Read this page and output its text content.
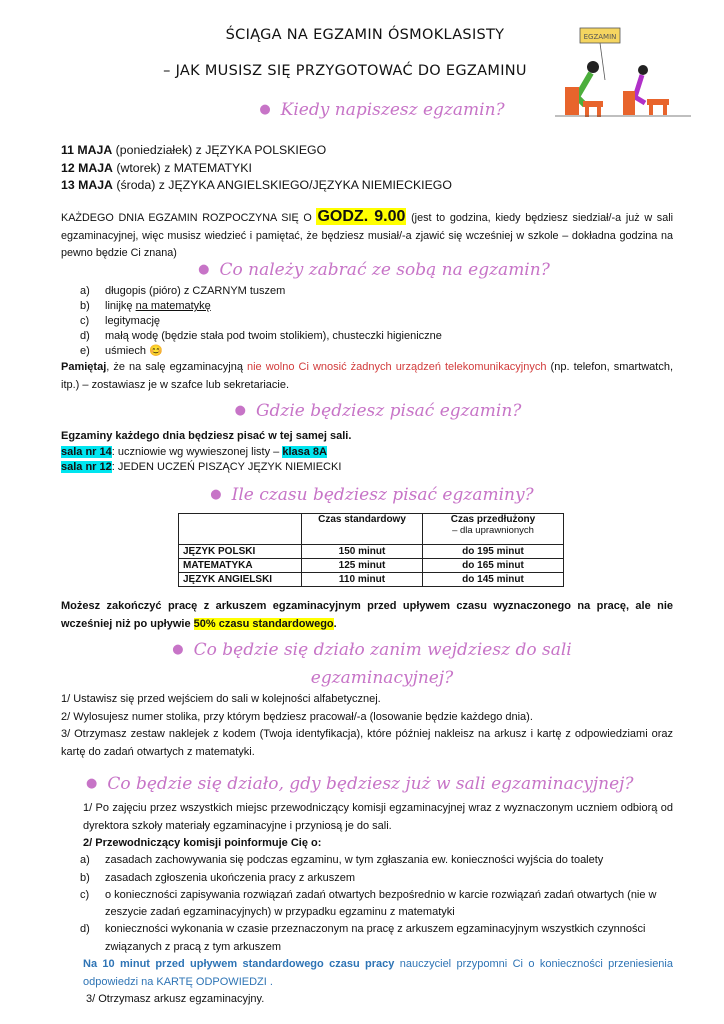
ŚCIĄGA NA EGZAMIN ÓSMOKLASISTY
– JAK MUSISZ SIĘ PRZYGOTOWAĆ DO EGZAMINU
EGZAMIN
● Kiedy napiszesz egzamin?
11 MAJA (poniedziałek) z JĘZYKA POLSKIEGO
12 MAJA (wtorek) z MATEMATYKI
13 MAJA (środa) z JĘZYKA ANGIELSKIEGO/JĘZYKA NIEMIECKIEGO
KAŻDEGO DNIA EGZAMIN ROZPOCZYNA SIĘ O GODZ. 9.00 (jest to godzina, kiedy będziesz siedział/-a już w sali egzaminacyjnej, więc musisz wiedzieć i pamiętać, że będziesz musiał/-a zjawić się wcześniej w szkole – dokładna godzina na pewno będzie Ci znana)
● Co należy zabrać ze sobą na egzamin?
a)	długopis (pióro) z CZARNYM tuszem
b)	linijkę
na matematykę
c)	legitymację
d)	małą wodę (będzie stała pod twoim stolikiem), chusteczki higieniczne
e)	uśmiech
😊
Pamiętaj, że na salę egzaminacyjną nie wolno Ci wnosić żadnych urządzeń telekomunikacyjnych (np. telefon, smartwatch, itp.) – zostawiasz je w szafce lub sekretariacie.
● Gdzie będziesz pisać egzamin?
Egzaminy każdego dnia będziesz pisać w tej samej sali.
sala nr 14: uczniowie wg wywieszonej listy – klasa 8A
sala nr 12: JEDEN UCZEŃ PISZĄCY JĘZYK NIEMIECKI
● Ile czasu będziesz pisać egzaminy?
	Czas standardowy	Czas przedłużony
– dla uprawnionych

JĘZYK POLSKI	150 minut	do 195 minut
MATEMATYKA	125 minut	do 165 minut
JĘZYK ANGIELSKI	110 minut	do 145 minut
Możesz zakończyć pracę z arkuszem egzaminacyjnym przed upływem czasu wyznaczonego na pracę, ale nie wcześniej niż po upływie 50% czasu standardowego.
● Co będzie się działo zanim wejdziesz do sali
egzaminacyjnej?
1/ Ustawisz się przed wejściem do sali w kolejności alfabetycznej.
2/ Wylosujesz numer stolika, przy którym będziesz pracował/-a (losowanie będzie każdego dnia).
3/ Otrzymasz zestaw naklejek z kodem (Twoja identyfikacja), które później nakleisz na arkusz i kartę z odpowiedziami oraz kartę do zadań otwartych z matematyki.
● Co będzie się działo, gdy będziesz już w sali egzaminacyjnej?
1/ Po zajęciu przez wszystkich miejsc przewodniczący komisji egzaminacyjnej wraz z wyznaczonym uczniem odbiorą od dyrektora szkoły materiały egzaminacyjne i przyniosą je do sali.
2/ Przewodniczący komisji poinformuje Cię o:
a)	zasadach zachowywania się podczas egzaminu, w tym zgłaszania ew. konieczności wyjścia do toalety
b)	zasadach zgłoszenia ukończenia pracy z arkuszem
c)	o konieczności zapisywania rozwiązań zadań otwartych bezpośrednio w karcie rozwiązań zadań otwartych (nie w zeszycie zadań egzaminacyjnych) w przypadku egzaminu z matematyki
d)	konieczności wykonania w czasie przeznaczonym na pracę z arkuszem egzaminacyjnym wszystkich czynności związanych z pracą z tym arkuszem
Na 10 minut przed upływem standardowego czasu pracy nauczyciel przypomni Ci o konieczności przeniesienia odpowiedzi na KARTĘ ODPOWIEDZI .
3/ Otrzymasz arkusz egzaminacyjny.
